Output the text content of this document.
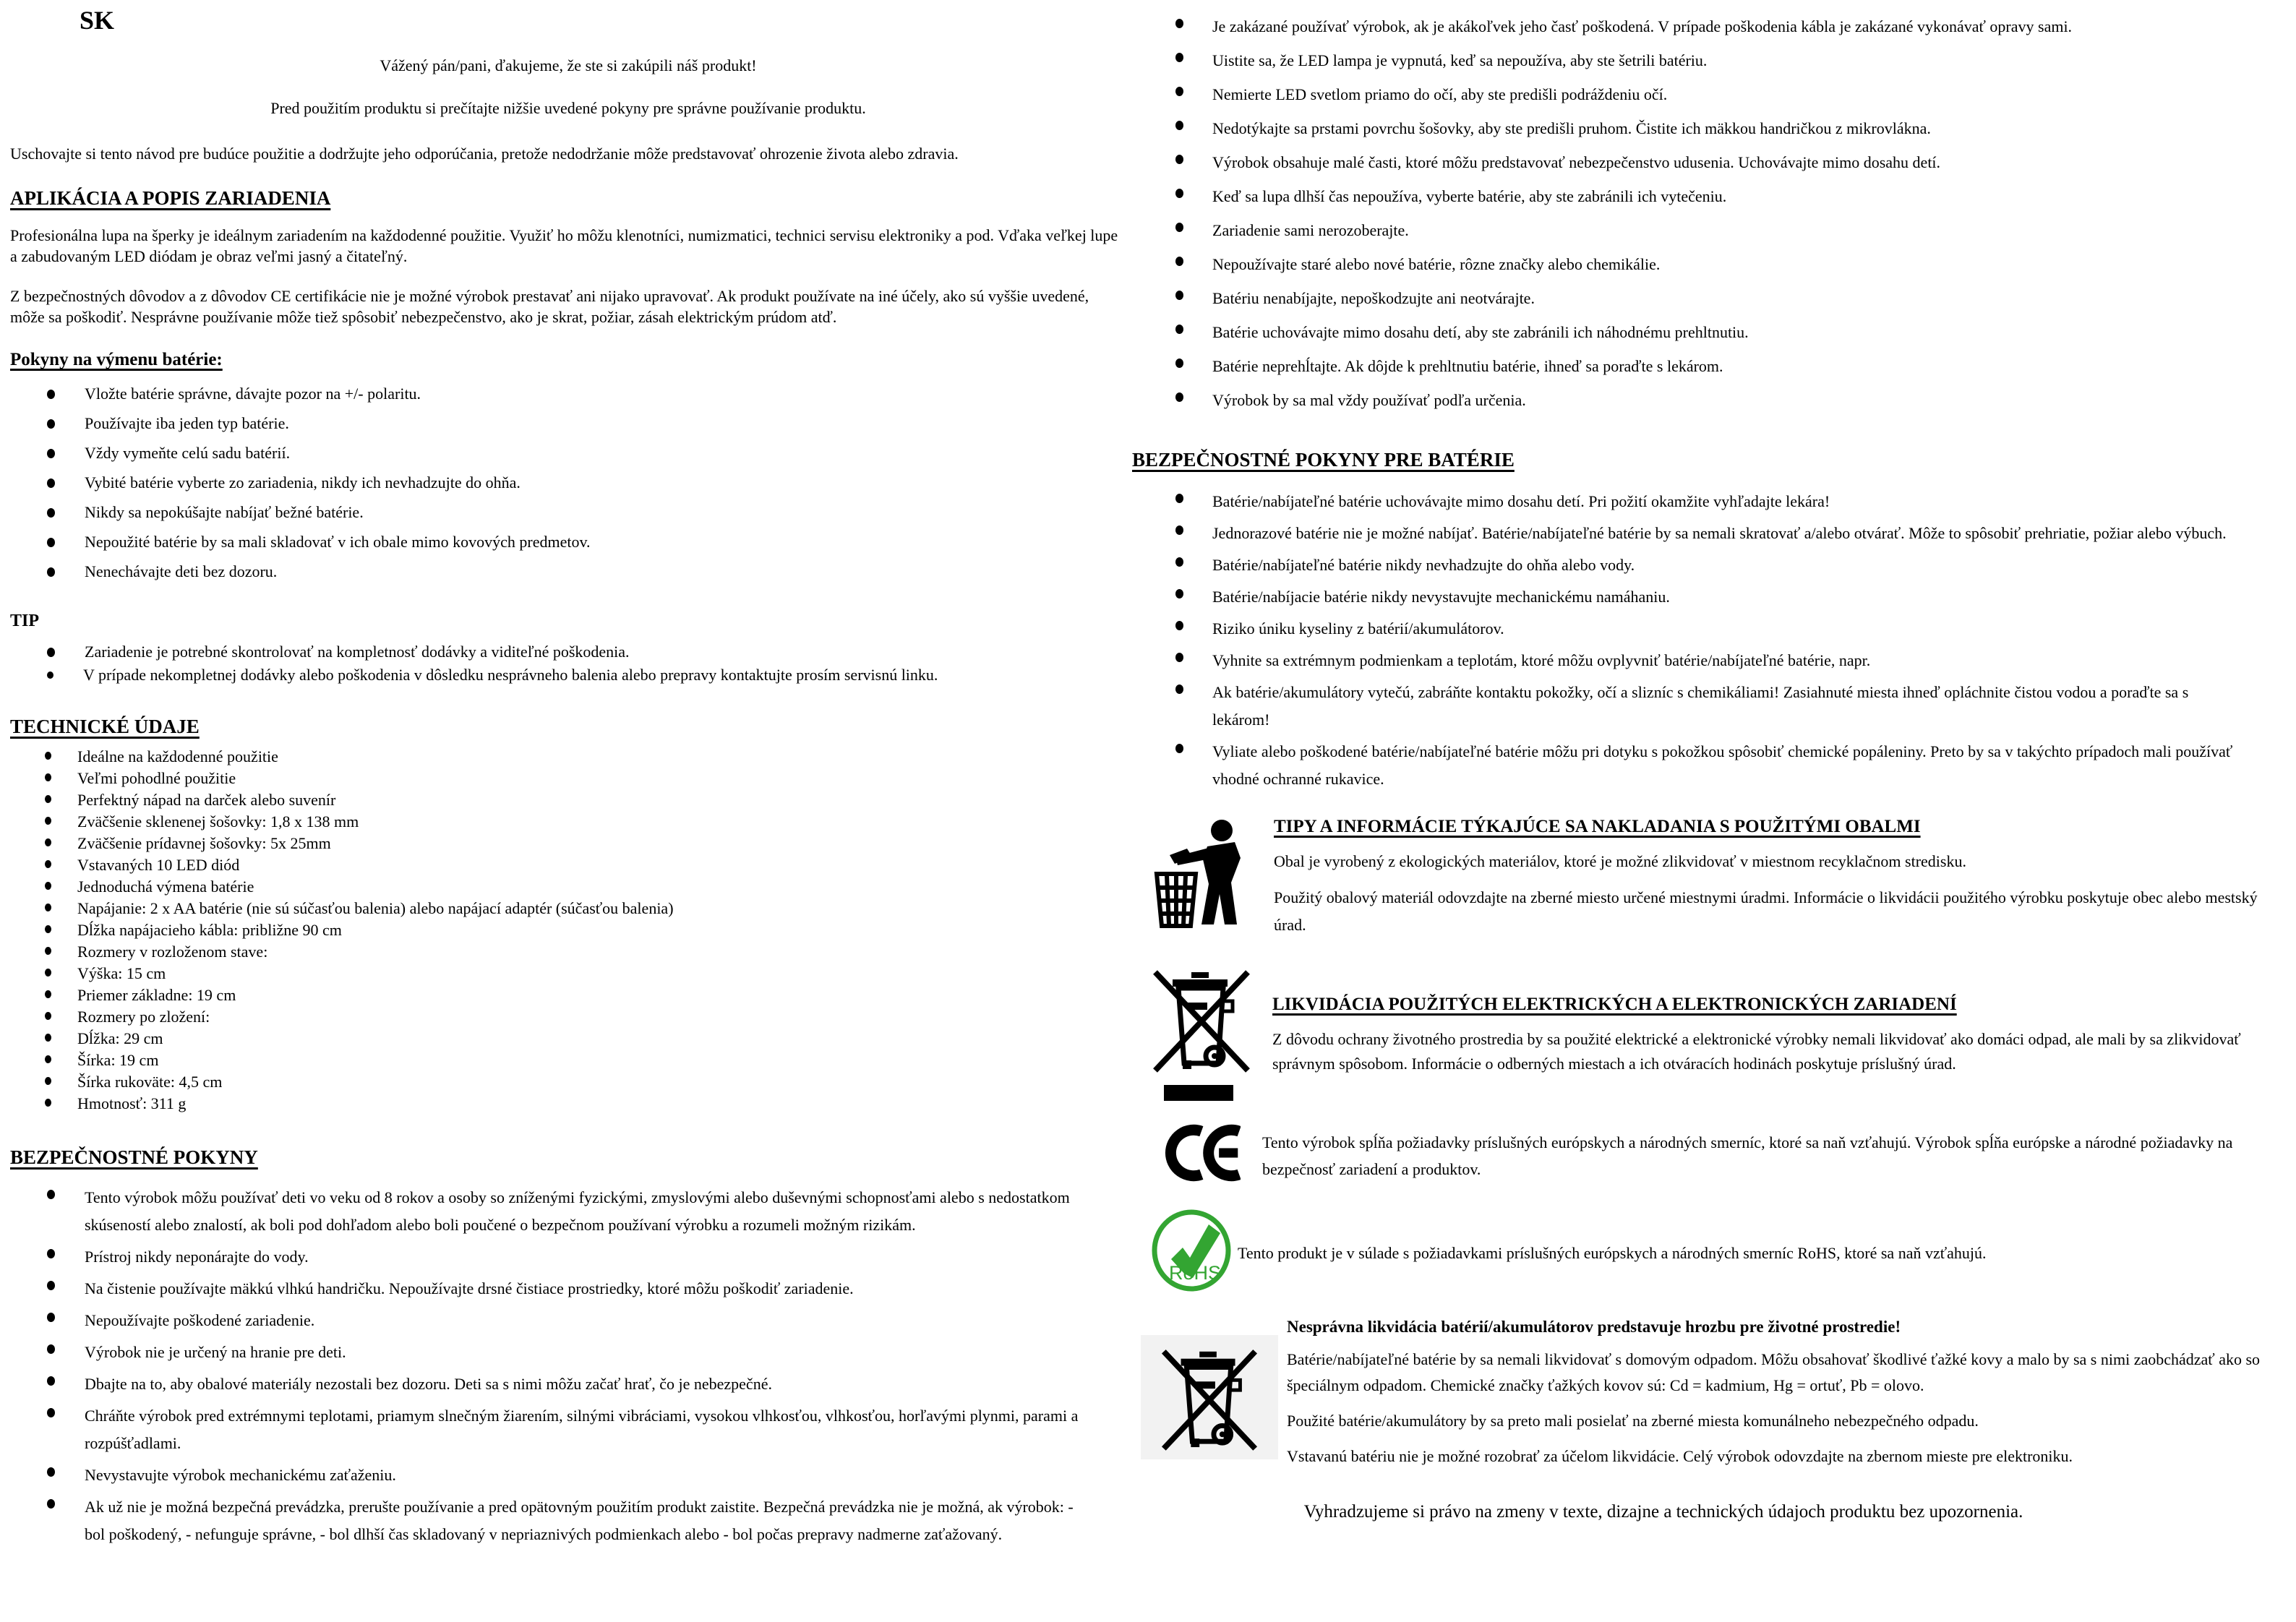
SK

Vážený pán/pani, ďakujeme, že ste si zakúpili náš produkt!

Pred použitím produktu si prečítajte nižšie uvedené pokyny pre správne používanie produktu.

Uschovajte si tento návod pre budúce použitie a dodržujte jeho odporúčania, pretože nedodržanie môže predstavovať ohrozenie života alebo zdravia.

APLIKÁCIA A POPIS ZARIADENIA

Profesionálna lupa na šperky je ideálnym zariadením na každodenné použitie. Využiť ho môžu klenotníci, numizmatici, technici servisu elektroniky a pod. Vďaka veľkej lupe a zabudovaným LED diódam je obraz veľmi jasný a čitateľný.

Z bezpečnostných dôvodov a z dôvodov CE certifikácie nie je možné výrobok prestavať ani nijako upravovať. Ak produkt používate na iné účely, ako sú vyššie uvedené, môže sa poškodiť. Nesprávne používanie môže tiež spôsobiť nebezpečenstvo, ako je skrat, požiar, zásah elektrickým prúdom atď.

Pokyny na výmenu batérie:
Vložte batérie správne, dávajte pozor na +/- polaritu.
Používajte iba jeden typ batérie.
Vždy vymeňte celú sadu batérií.
Vybité batérie vyberte zo zariadenia, nikdy ich nevhadzujte do ohňa.
Nikdy sa nepokúšajte nabíjať bežné batérie.
Nepoužité batérie by sa mali skladovať v ich obale mimo kovových predmetov.
Nenechávajte deti bez dozoru.
TIP
Zariadenie je potrebné skontrolovať na kompletnosť dodávky a viditeľné poškodenia.
V prípade nekompletnej dodávky alebo poškodenia v dôsledku nesprávneho balenia alebo prepravy kontaktujte prosím servisnú linku.
TECHNICKÉ ÚDAJE
Ideálne na každodenné použitie
Veľmi pohodlné použitie
Perfektný nápad na darček alebo suvenír
Zväčšenie sklenenej šošovky: 1,8 x 138 mm
Zväčšenie prídavnej šošovky: 5x 25mm
Vstavaných 10 LED diód
Jednoduchá výmena batérie
Napájanie: 2 x AA batérie (nie sú súčasťou balenia) alebo napájací adaptér (súčasťou balenia)
Dĺžka napájacieho kábla: približne 90 cm
Rozmery v rozloženom stave:
Výška: 15 cm
Priemer základne: 19 cm
Rozmery po zložení:
Dĺžka: 29 cm
Šírka: 19 cm
Šírka rukoväte: 4,5 cm
Hmotnosť: 311 g
BEZPEČNOSTNÉ POKYNY
Tento výrobok môžu používať deti vo veku od 8 rokov a osoby so zníženými fyzickými, zmyslovými alebo duševnými schopnosťami alebo s nedostatkom skúseností alebo znalostí, ak boli pod dohľadom alebo boli poučené o bezpečnom používaní výrobku a rozumeli možným rizikám.
Prístroj nikdy neponárajte do vody.
Na čistenie používajte mäkkú vlhkú handričku. Nepoužívajte drsné čistiace prostriedky, ktoré môžu poškodiť zariadenie.
Nepoužívajte poškodené zariadenie.
Výrobok nie je určený na hranie pre deti.
Dbajte na to, aby obalové materiály nezostali bez dozoru. Deti sa s nimi môžu začať hrať, čo je nebezpečné.
Chráňte výrobok pred extrémnymi teplotami, priamym slnečným žiarením, silnými vibráciami, vysokou vlhkosťou, vlhkosťou, horľavými plynmi, parami a rozpúšťadlami.
Nevystavujte výrobok mechanickému zaťaženiu.
Ak už nie je možná bezpečná prevádzka, prerušte používanie a pred opätovným použitím produkt zaistite. Bezpečná prevádzka nie je možná, ak výrobok: - bol poškodený, - nefunguje správne, - bol dlhší čas skladovaný v nepriaznivých podmienkach alebo - bol počas prepravy nadmerne zaťažovaný.
Je zakázané používať výrobok, ak je akákoľvek jeho časť poškodená. V prípade poškodenia kábla je zakázané vykonávať opravy sami.
Uistite sa, že LED lampa je vypnutá, keď sa nepoužíva, aby ste šetrili batériu.
Nemierte LED svetlom priamo do očí, aby ste predišli podráždeniu očí.
Nedotýkajte sa prstami povrchu šošovky, aby ste predišli pruhom. Čistite ich mäkkou handričkou z mikrovlákna.
Výrobok obsahuje malé časti, ktoré môžu predstavovať nebezpečenstvo udusenia. Uchovávajte mimo dosahu detí.
Keď sa lupa dlhší čas nepoužíva, vyberte batérie, aby ste zabránili ich vytečeniu.
Zariadenie sami nerozoberajte.
Nepoužívajte staré alebo nové batérie, rôzne značky alebo chemikálie.
Batériu nenabíjajte, nepoškodzujte ani neotvárajte.
Batérie uchovávajte mimo dosahu detí, aby ste zabránili ich náhodnému prehltnutiu.
Batérie neprehĺtajte. Ak dôjde k prehltnutiu batérie, ihneď sa poraďte s lekárom.
Výrobok by sa mal vždy používať podľa určenia.
BEZPEČNOSTNÉ POKYNY PRE BATÉRIE
Batérie/nabíjateľné batérie uchovávajte mimo dosahu detí. Pri požití okamžite vyhľadajte lekára!
Jednorazové batérie nie je možné nabíjať. Batérie/nabíjateľné batérie by sa nemali skratovať a/alebo otvárať. Môže to spôsobiť prehriatie, požiar alebo výbuch.
Batérie/nabíjateľné batérie nikdy nevhadzujte do ohňa alebo vody.
Batérie/nabíjacie batérie nikdy nevystavujte mechanickému namáhaniu.
Riziko úniku kyseliny z batérií/akumulátorov.
Vyhnite sa extrémnym podmienkam a teplotám, ktoré môžu ovplyvniť batérie/nabíjateľné batérie, napr.
Ak batérie/akumulátory vytečú, zabráňte kontaktu pokožky, očí a slizníc s chemikáliami! Zasiahnuté miesta ihneď opláchnite čistou vodou a poraďte sa s lekárom!
Vyliate alebo poškodené batérie/nabíjateľné batérie môžu pri dotyku s pokožkou spôsobiť chemické popáleniny. Preto by sa v takýchto prípadoch mali používať vhodné ochranné rukavice.
TIPY A INFORMÁCIE TÝKAJÚCE SA NAKLADANIA S POUŽITÝMI OBALMI

Obal je vyrobený z ekologických materiálov, ktoré je možné zlikvidovať v miestnom recyklačnom stredisku.

Použitý obalový materiál odovzdajte na zberné miesto určené miestnymi úradmi. Informácie o likvidácii použitého výrobku poskytuje obec alebo mestský úrad.

LIKVIDÁCIA POUŽITÝCH ELEKTRICKÝCH A ELEKTRONICKÝCH ZARIADENÍ

Z dôvodu ochrany životného prostredia by sa použité elektrické a elektronické výrobky nemali likvidovať ako domáci odpad, ale mali by sa zlikvidovať správnym spôsobom. Informácie o odberných miestach a ich otváracích hodinách poskytuje príslušný úrad.

Tento výrobok spĺňa požiadavky príslušných európskych a národných smerníc, ktoré sa naň vzťahujú. Výrobok spĺňa európske a národné požiadavky na bezpečnosť zariadení a produktov.
RoHS
Tento produkt je v súlade s požiadavkami príslušných európskych a národných smerníc RoHS, ktoré sa naň vzťahujú.
Nesprávna likvidácia batérií/akumulátorov predstavuje hrozbu pre životné prostredie!

Batérie/nabíjateľné batérie by sa nemali likvidovať s domovým odpadom. Môžu obsahovať škodlivé ťažké kovy a malo by sa s nimi zaobchádzať ako so špeciálnym odpadom. Chemické značky ťažkých kovov sú: Cd = kadmium, Hg = ortuť, Pb = olovo.

Použité batérie/akumulátory by sa preto mali posielať na zberné miesta komunálneho nebezpečného odpadu.

Vstavanú batériu nie je možné rozobrať za účelom likvidácie. Celý výrobok odovzdajte na zbernom mieste pre elektroniku.

Vyhradzujeme si právo na zmeny v texte, dizajne a technických údajoch produktu bez upozornenia.
